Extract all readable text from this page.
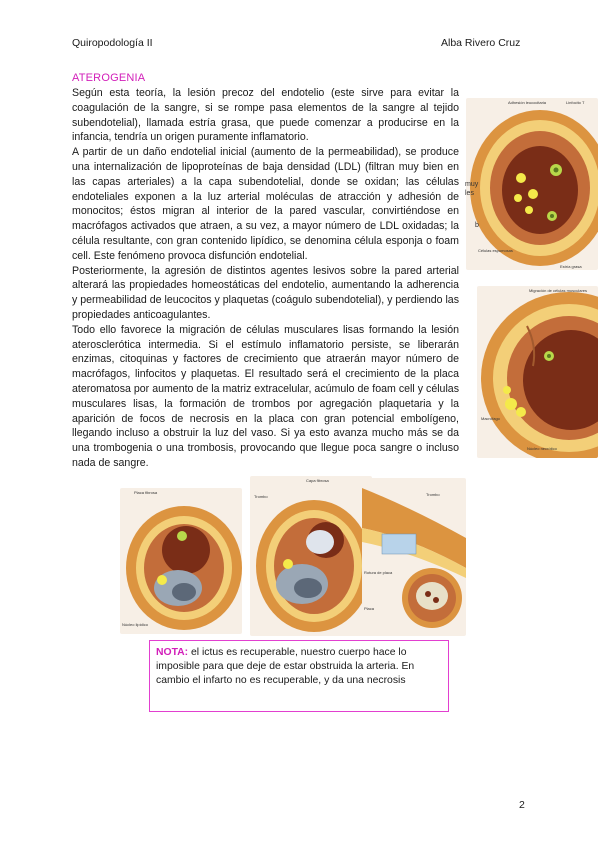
Quiropodología II	Alba Rivero Cruz
ATEROGENIA

Según esta teoría, la lesión precoz del endotelio (este sirve para evitar la coagulación de la sangre, si se rompe pasa elementos de la sangre al tejido subendotelial), llamada estría grasa, que puede comenzar a producirse en la infancia, tendría un origen puramente inflamatorio.

A partir de un daño endotelial inicial (aumento de la permeabilidad), se produce una internalización de lipoproteínas de baja densidad (LDL) (filtran muy bien en las capas arteriales) a la capa subendotelial, donde se oxidan; las células endoteliales exponen a la luz arterial moléculas de atracción y adhesión de monocitos; éstos migran al interior de la pared vascular, convirtiéndose en macrófagos activados que atraen, a su vez, a mayor número de LDL oxidadas; la célula resultante, con gran contenido lipídico, se denomina célula esponja o foam cell. Este fenómeno provoca disfunción endotelial.

Posteriormente, la agresión de distintos agentes lesivos sobre la pared arterial alterará las propiedades homeostáticas del endotelio, aumentando la adherencia y permeabilidad de leucocitos y plaquetas (coágulo subendotelial), y perdiendo las propiedades anticoagulantes.

Todo ello favorece la migración de células musculares lisas formando la lesión aterosclerótica intermedia. Si el estímulo inflamatorio persiste, se liberarán enzimas, citoquinas y factores de crecimiento que atraerán mayor número de macrófagos, linfocitos y plaquetas. El resultado será el crecimiento de la placa ateromatosa por aumento de la matriz extracelular, acúmulo de foam cell y células musculares lisas, la formación de trombos por agregación plaquetaria y la aparición de focos de necrosis en la placa con gran potencial embolígeno, llegando incluso a obstruir la luz del vaso. Si ya esto avanza mucho más se da una trombogenia o una trombosis, provocando que llegue poca sangre o incluso nada de sangre.

Adhesión leucocitaria	Linfocito T
Células espumosas
Estría grasa
muy
les
b
Migración de células musculares
Macrófago
Núcleo necrótico
Placa fibrosa
Núcleo lipídico
Trombo
Capa fibrosa
Trombo
Rotura de placa
Placa
NOTA: el ictus es recuperable, nuestro cuerpo hace lo imposible para que deje de estar obstruida la arteria. En cambio el infarto no es recuperable, y da una necrosis
2
